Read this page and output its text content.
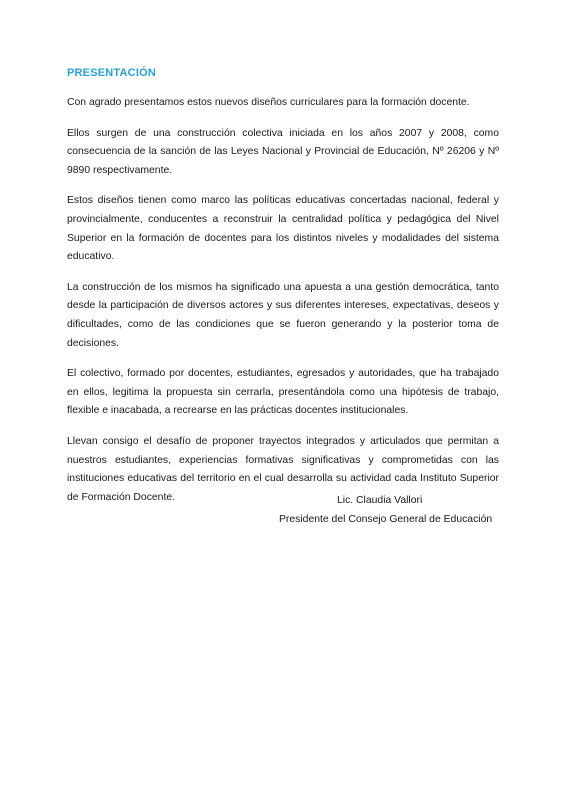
PRESENTACIÓN

Con agrado presentamos estos nuevos diseños curriculares para la formación docente.

Ellos surgen de una construcción colectiva iniciada en los años 2007 y 2008, como consecuencia de la sanción de las Leyes Nacional y Provincial de Educación, Nº 26206 y Nº 9890 respectivamente.

Estos diseños tienen como marco las políticas educativas concertadas nacional, federal y provincialmente, conducentes a reconstruir la centralidad política y pedagógica del Nivel Superior en la formación de docentes para los distintos niveles y modalidades del sistema educativo.

La construcción de los mismos ha significado una apuesta a una gestión democrática, tanto desde la participación de diversos actores y sus diferentes intereses, expectativas, deseos y dificultades, como de las condiciones que se fueron generando y la posterior toma de decisiones.

El colectivo, formado por docentes, estudiantes, egresados y autoridades, que ha trabajado en ellos, legitima la propuesta sin cerrarla, presentándola como una hipótesis de trabajo, flexible e inacabada, a recrearse en las prácticas docentes institucionales.

Llevan consigo el desafío de proponer trayectos integrados y articulados que permitan a nuestros estudiantes, experiencias formativas significativas y comprometidas con las instituciones educativas del territorio en el cual desarrolla su actividad cada Instituto Superior de Formación Docente.	Lic. Claudia Vallori
Presidente del Consejo General de Educación
